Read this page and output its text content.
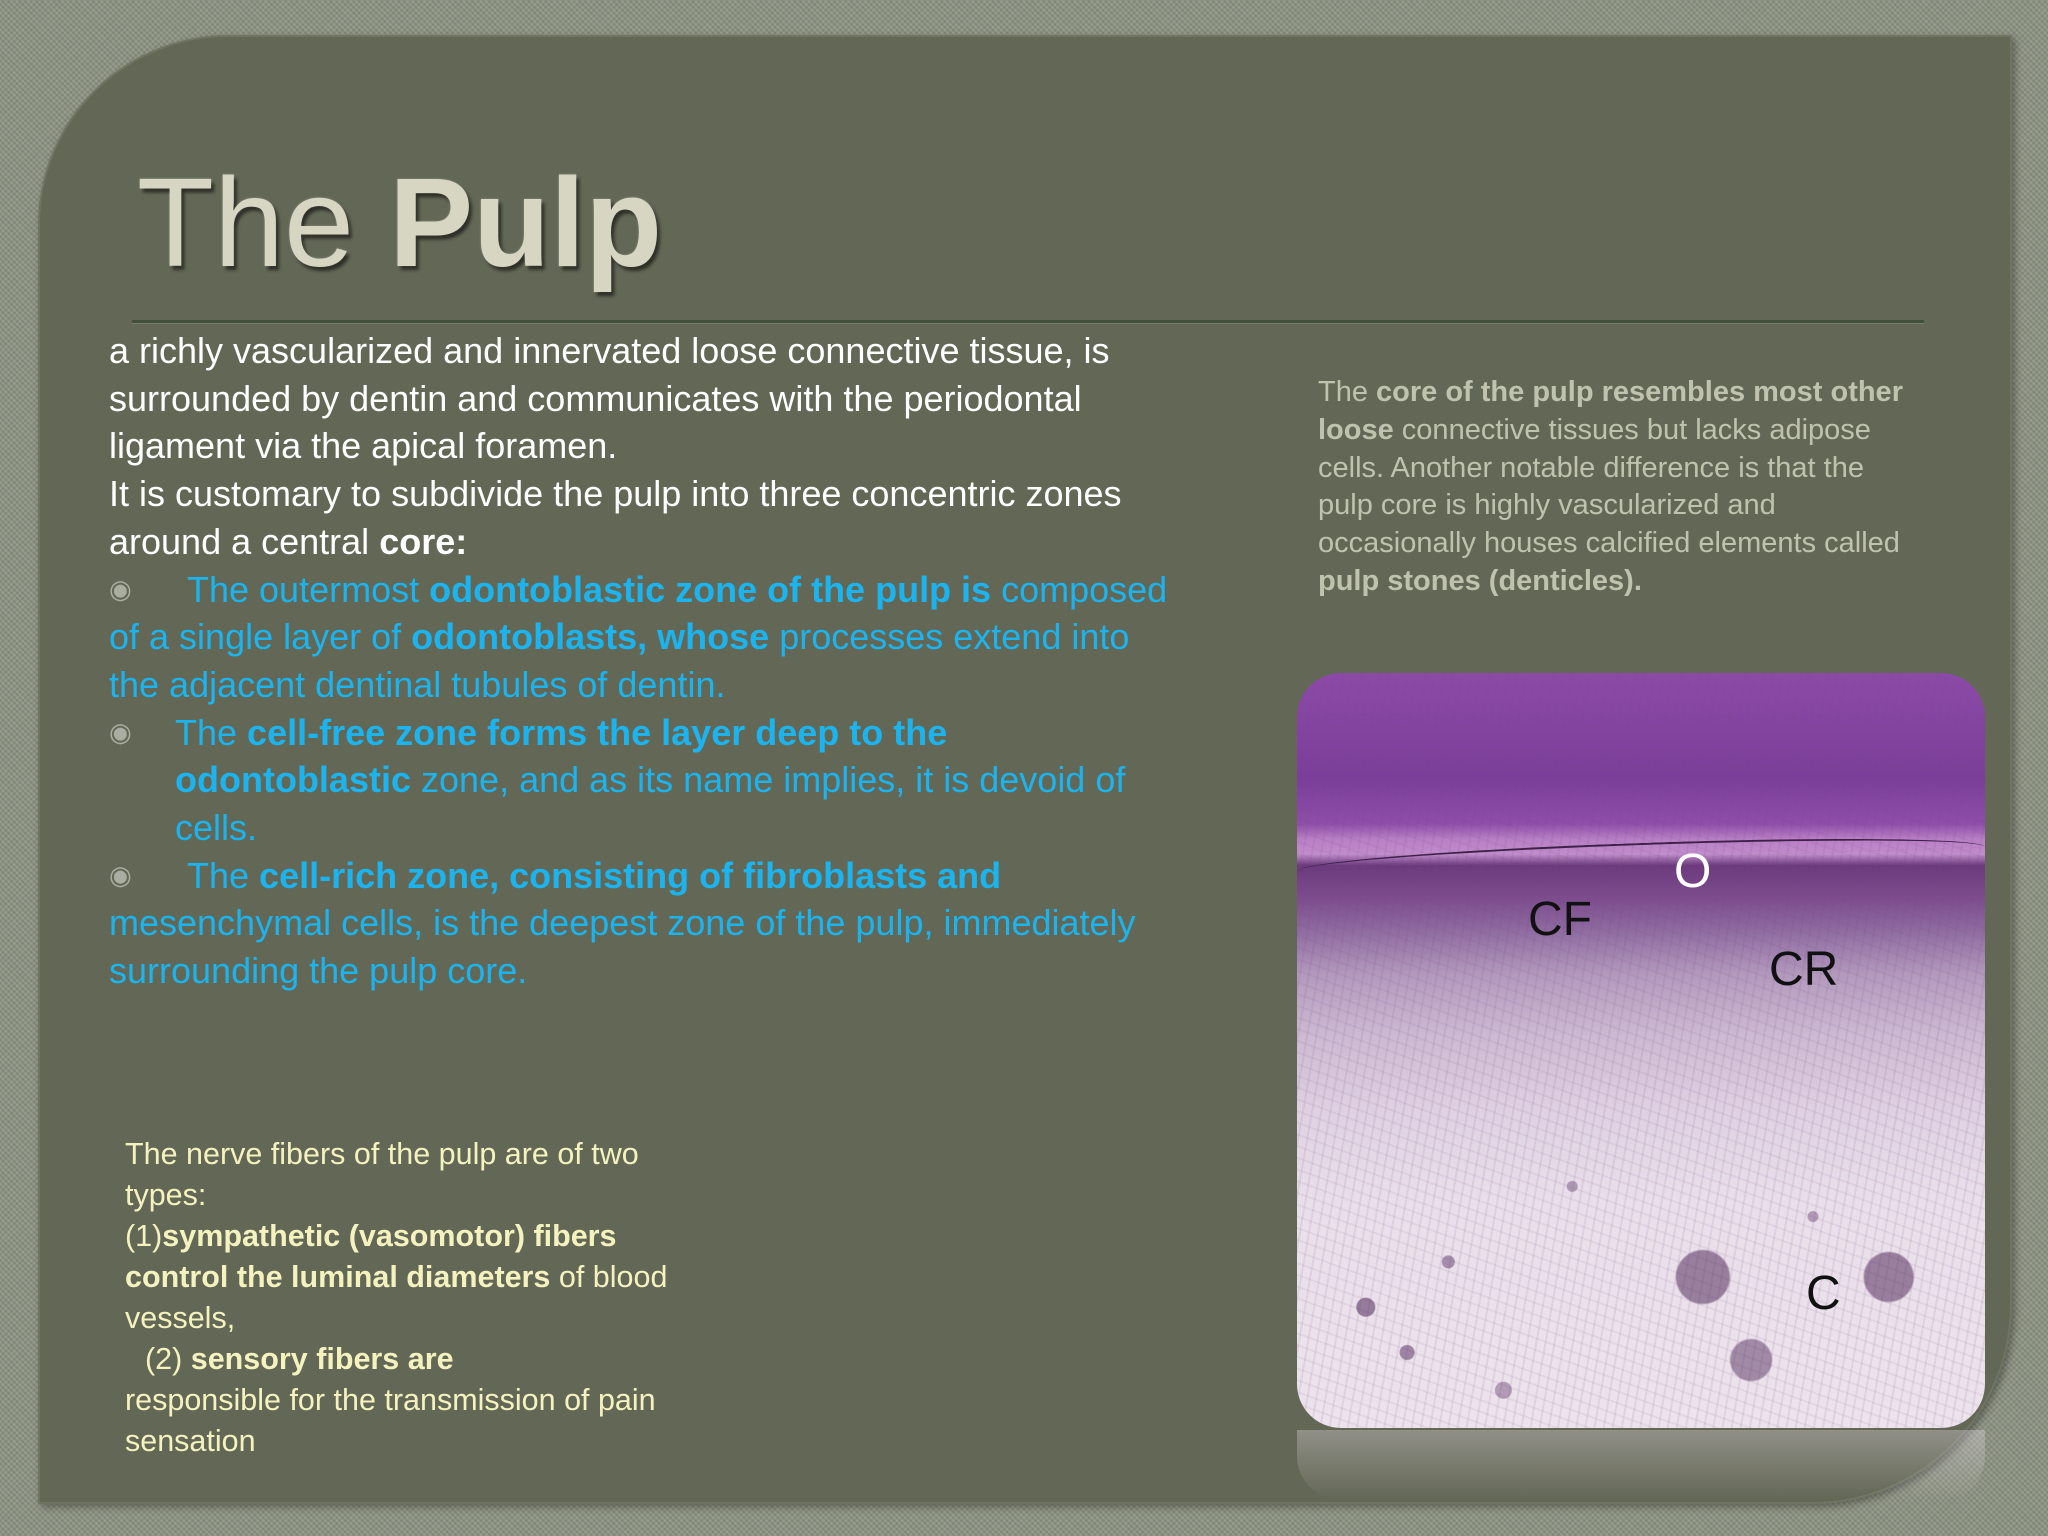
The Pulp

a richly vascularized and innervated loose connective tissue, is surrounded by dentin and communicates with the periodontal ligament via the apical foramen.

It is customary to subdivide the pulp into three concentric zones around a central core:

◉ The outermost odontoblastic zone of the pulp is composed of a single layer of odontoblasts, whose processes extend into the adjacent dentinal tubules of dentin.

◉ The cell-free zone forms the layer deep to the odontoblastic zone, and as its name implies, it is devoid of cells.

◉ The cell-rich zone, consisting of fibroblasts and mesenchymal cells, is the deepest zone of the pulp, immediately surrounding the pulp core.

The core of the pulp resembles most other loose connective tissues but lacks adipose cells. Another notable difference is that the pulp core is highly vascularized and occasionally houses calcified elements called pulp stones (denticles).

The nerve fibers of the pulp are of two types:

(1)sympathetic (vasomotor) fibers control the luminal diameters of blood vessels,

(2) sensory fibers are

responsible for the transmission of pain sensation

O
CF
CR
C
